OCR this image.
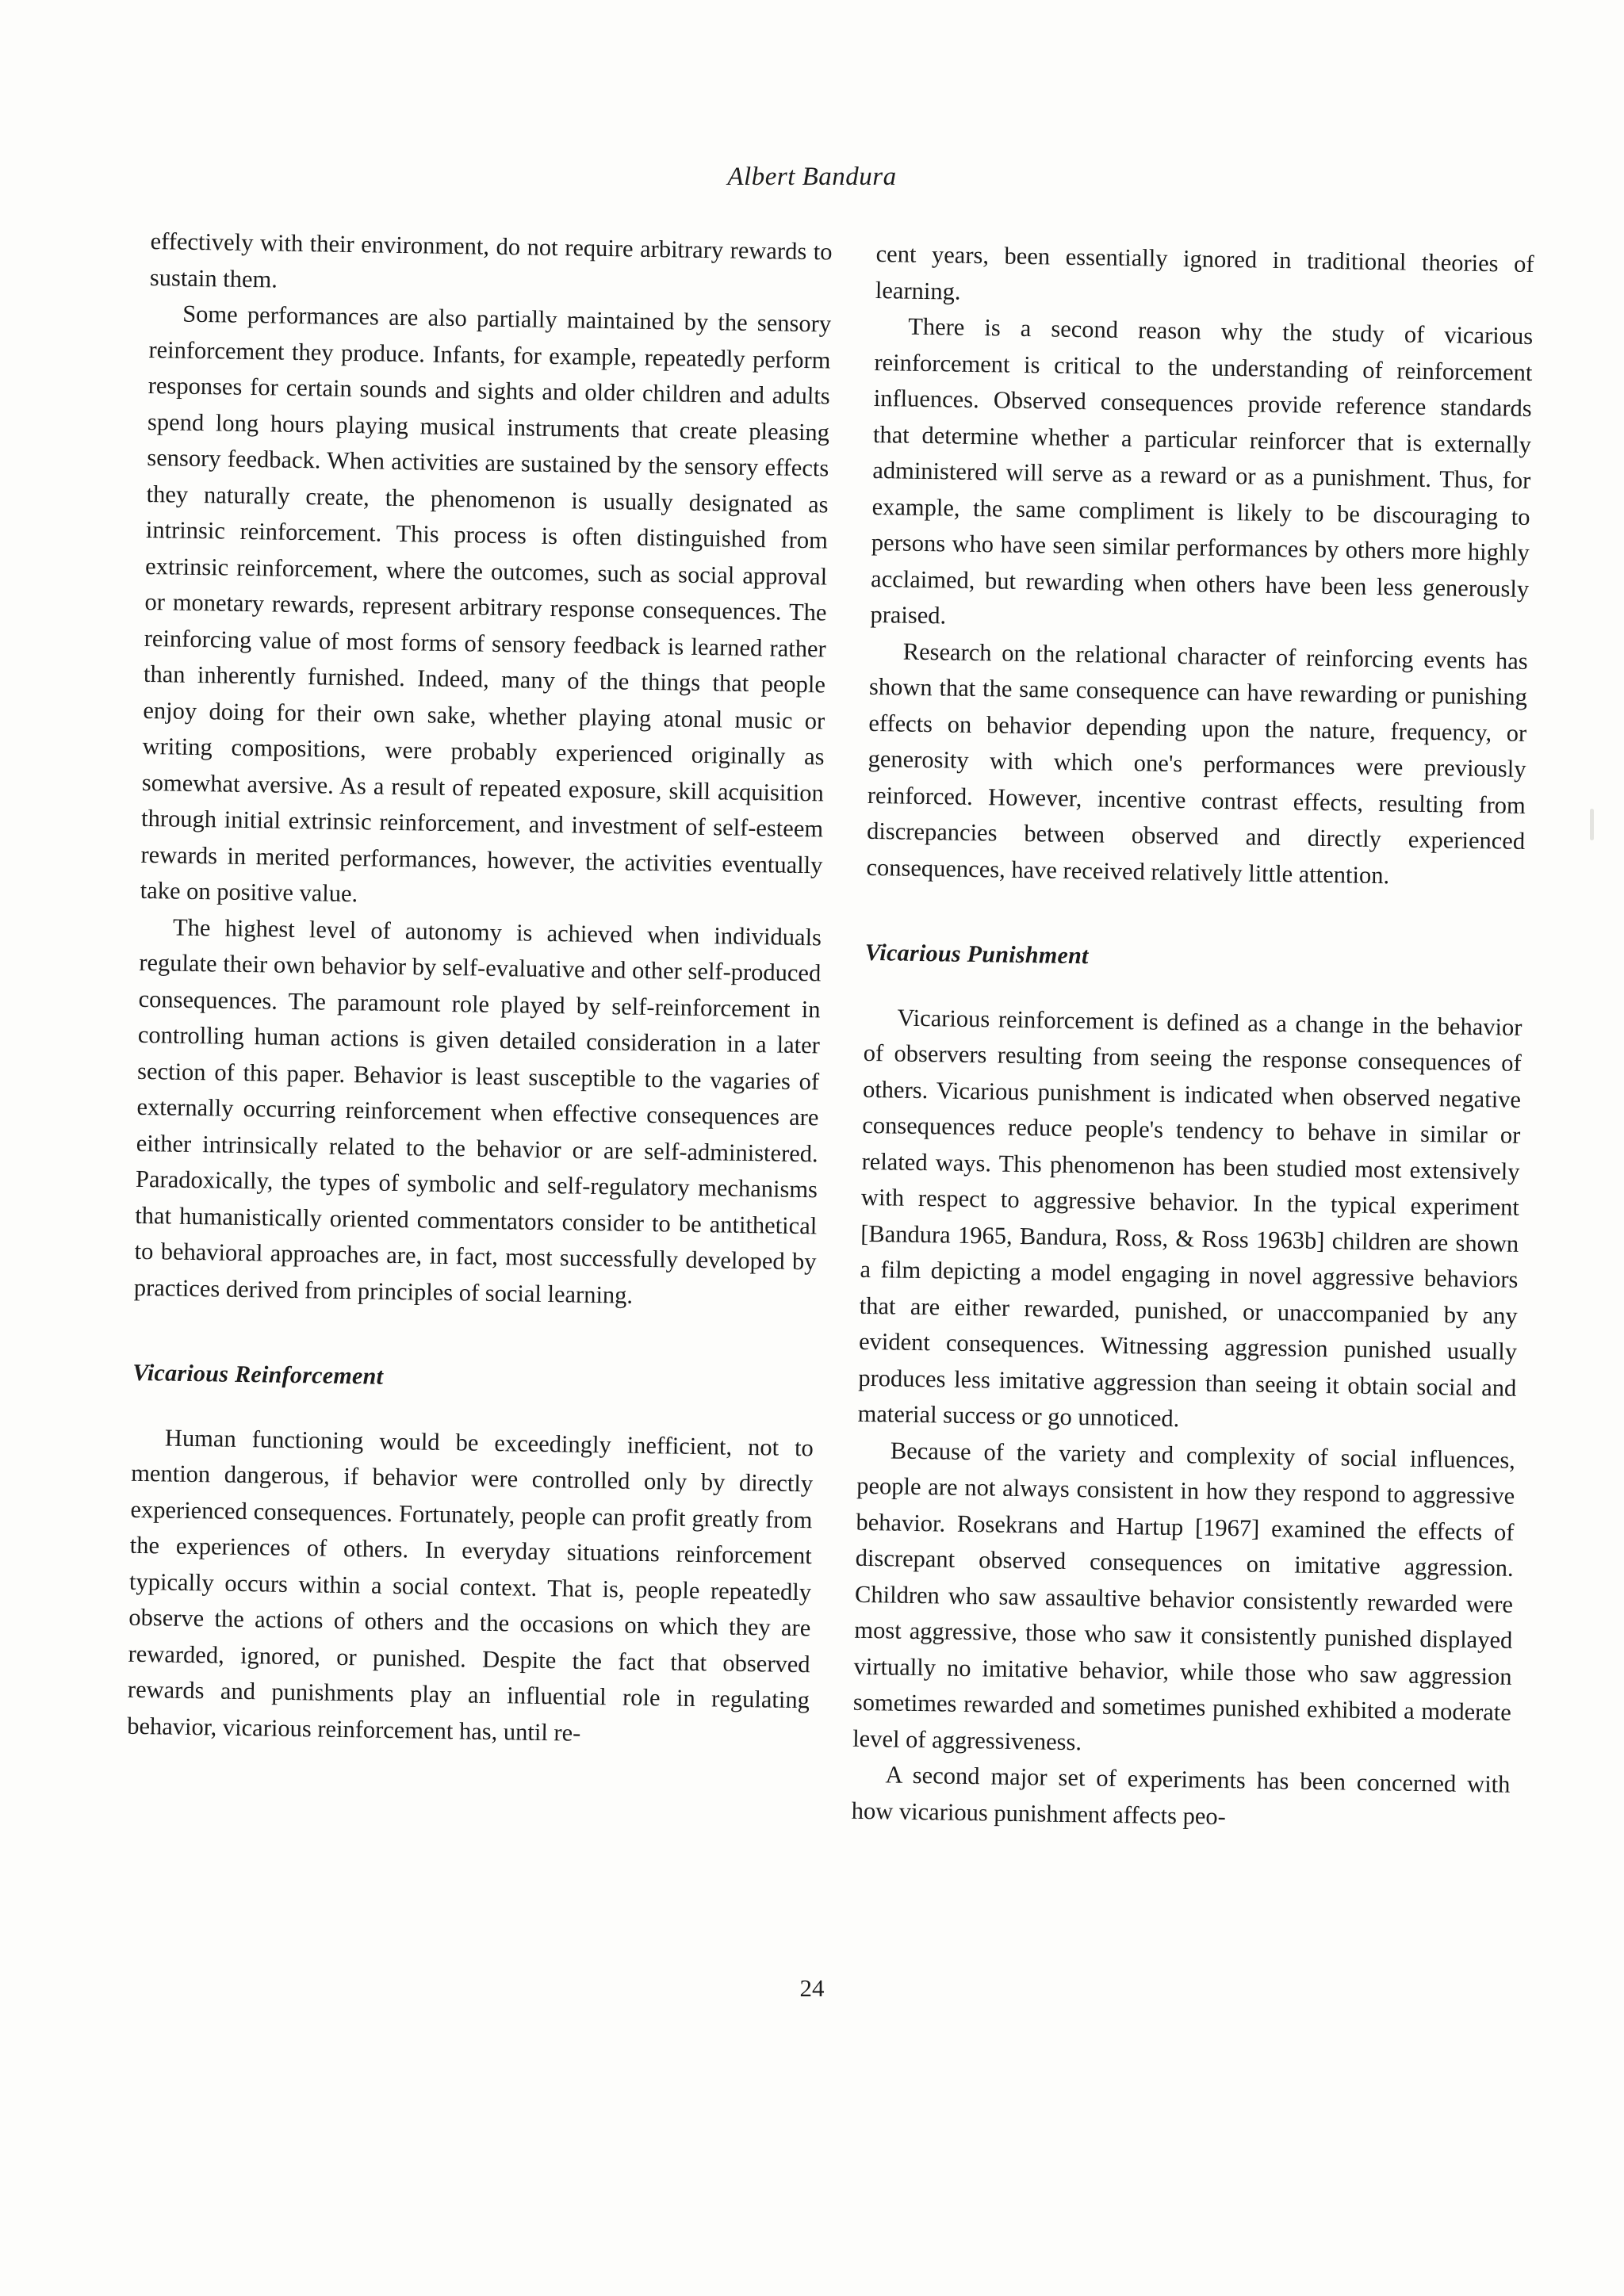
Albert Bandura

effectively with their environment, do not require arbitrary rewards to sustain them.

Some performances are also partially maintained by the sensory reinforcement they produce. Infants, for example, repeatedly perform responses for certain sounds and sights and older children and adults spend long hours playing musical instruments that create pleasing sensory feedback. When activities are sustained by the sensory effects they naturally create, the phenomenon is usually designated as intrinsic reinforcement. This process is often distinguished from extrinsic reinforcement, where the outcomes, such as social approval or monetary rewards, represent arbitrary response consequences. The reinforcing value of most forms of sensory feedback is learned rather than inherently furnished. Indeed, many of the things that people enjoy doing for their own sake, whether playing atonal music or writing compositions, were probably experienced originally as somewhat aversive. As a result of repeated exposure, skill acquisition through initial extrinsic reinforcement, and investment of self-esteem rewards in merited performances, however, the activities eventually take on positive value.

The highest level of autonomy is achieved when individuals regulate their own behavior by self-evaluative and other self-produced consequences. The paramount role played by self-reinforcement in controlling human actions is given detailed consideration in a later section of this paper. Behavior is least susceptible to the vagaries of externally occurring reinforcement when effective consequences are either intrinsically related to the behavior or are self-administered. Paradoxically, the types of symbolic and self-regulatory mechanisms that humanistically oriented commentators consider to be antithetical to behavioral approaches are, in fact, most successfully developed by practices derived from principles of social learning.

Vicarious Reinforcement

Human functioning would be exceedingly inefficient, not to mention dangerous, if behavior were controlled only by directly experienced consequences. Fortunately, people can profit greatly from the experiences of others. In everyday situations reinforcement typically occurs within a social context. That is, people repeatedly observe the actions of others and the occasions on which they are rewarded, ignored, or punished. Despite the fact that observed rewards and punishments play an influential role in regulating behavior, vicarious reinforcement has, until re-

cent years, been essentially ignored in traditional theories of learning.

There is a second reason why the study of vicarious reinforcement is critical to the understanding of reinforcement influences. Observed consequences provide reference standards that determine whether a particular reinforcer that is externally administered will serve as a reward or as a punishment. Thus, for example, the same compliment is likely to be discouraging to persons who have seen similar performances by others more highly acclaimed, but rewarding when others have been less generously praised.

Research on the relational character of reinforcing events has shown that the same consequence can have rewarding or punishing effects on behavior depending upon the nature, frequency, or generosity with which one's performances were previously reinforced. However, incentive contrast effects, resulting from discrepancies between observed and directly experienced consequences, have received relatively little attention.

Vicarious Punishment

Vicarious reinforcement is defined as a change in the behavior of observers resulting from seeing the response consequences of others. Vicarious punishment is indicated when observed negative consequences reduce people's tendency to behave in similar or related ways. This phenomenon has been studied most extensively with respect to aggressive behavior. In the typical experiment [Bandura 1965, Bandura, Ross, & Ross 1963b] children are shown a film depicting a model engaging in novel aggressive behaviors that are either rewarded, punished, or unaccompanied by any evident consequences. Witnessing aggression punished usually produces less imitative aggression than seeing it obtain social and material success or go unnoticed.

Because of the variety and complexity of social influences, people are not always consistent in how they respond to aggressive behavior. Rosekrans and Hartup [1967] examined the effects of discrepant observed consequences on imitative aggression. Children who saw assaultive behavior consistently rewarded were most aggressive, those who saw it consistently punished displayed virtually no imitative behavior, while those who saw aggression sometimes rewarded and sometimes punished exhibited a moderate level of aggressiveness.

A second major set of experiments has been concerned with how vicarious punishment affects peo-

24
